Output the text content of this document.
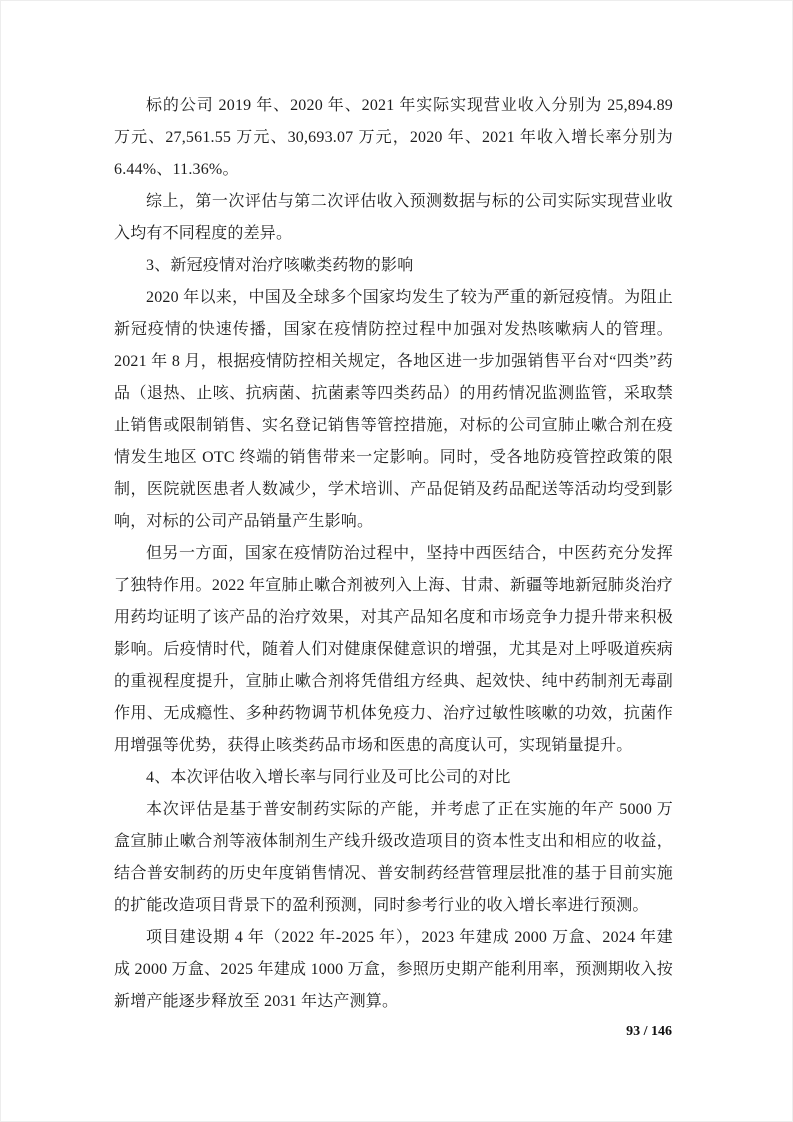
标的公司 2019 年、2020 年、2021 年实际实现营业收入分别为 25,894.89 万元、27,561.55 万元、30,693.07 万元，2020 年、2021 年收入增长率分别为 6.44%、11.36%。

综上，第一次评估与第二次评估收入预测数据与标的公司实际实现营业收入均有不同程度的差异。

3、新冠疫情对治疗咳嗽类药物的影响

2020 年以来，中国及全球多个国家均发生了较为严重的新冠疫情。为阻止新冠疫情的快速传播，国家在疫情防控过程中加强对发热咳嗽病人的管理。2021 年 8 月，根据疫情防控相关规定，各地区进一步加强销售平台对“四类”药品（退热、止咳、抗病菌、抗菌素等四类药品）的用药情况监测监管，采取禁止销售或限制销售、实名登记销售等管控措施，对标的公司宣肺止嗽合剂在疫情发生地区 OTC 终端的销售带来一定影响。同时，受各地防疫管控政策的限制，医院就医患者人数减少，学术培训、产品促销及药品配送等活动均受到影响，对标的公司产品销量产生影响。

但另一方面，国家在疫情防治过程中，坚持中西医结合，中医药充分发挥了独特作用。2022 年宣肺止嗽合剂被列入上海、甘肃、新疆等地新冠肺炎治疗用药均证明了该产品的治疗效果，对其产品知名度和市场竞争力提升带来积极影响。后疫情时代，随着人们对健康保健意识的增强，尤其是对上呼吸道疾病的重视程度提升，宣肺止嗽合剂将凭借组方经典、起效快、纯中药制剂无毒副作用、无成瘾性、多种药物调节机体免疫力、治疗过敏性咳嗽的功效，抗菌作用增强等优势，获得止咳类药品市场和医患的高度认可，实现销量提升。

4、本次评估收入增长率与同行业及可比公司的对比

本次评估是基于普安制药实际的产能，并考虑了正在实施的年产 5000 万盒宣肺止嗽合剂等液体制剂生产线升级改造项目的资本性支出和相应的收益，结合普安制药的历史年度销售情况、普安制药经营管理层批准的基于目前实施的扩能改造项目背景下的盈利预测，同时参考行业的收入增长率进行预测。

项目建设期 4 年（2022 年-2025 年），2023 年建成 2000 万盒、2024 年建成 2000 万盒、2025 年建成 1000 万盒，参照历史期产能利用率，预测期收入按新增产能逐步释放至 2031 年达产测算。

93 / 146
